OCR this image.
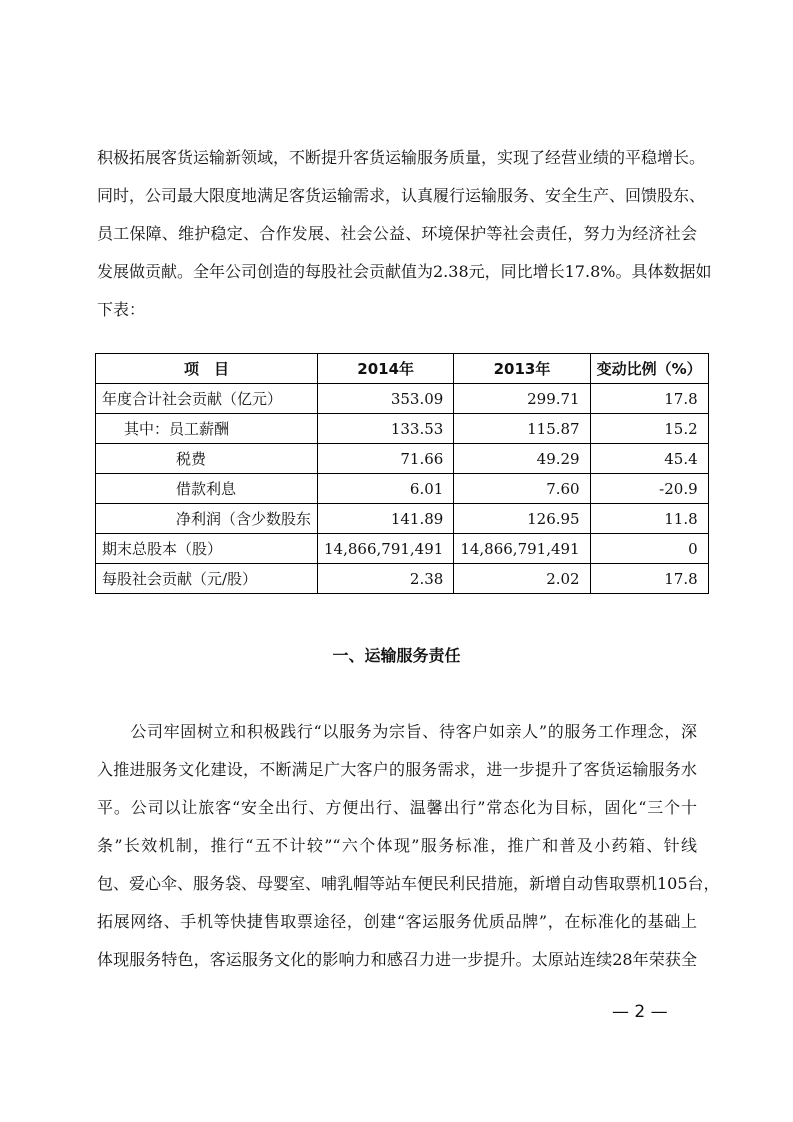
积极拓展客货运输新领域，不断提升客货运输服务质量，实现了经营业绩的平稳增长。
同时，公司最大限度地满足客货运输需求，认真履行运输服务、安全生产、回馈股东、
员工保障、维护稳定、合作发展、社会公益、环境保护等社会责任，努力为经济社会
发展做贡献。全年公司创造的每股社会贡献值为2.38元，同比增长17.8%。具体数据如
下表：
项　目	2014年	2013年	变动比例（%）
年度合计社会贡献（亿元）	353.09	299.71	17.8
其中：员工薪酬	133.53	115.87	15.2
税费	71.66	49.29	45.4
借款利息	6.01	7.60	-20.9
净利润（含少数股东	141.89	126.95	11.8
期末总股本（股）	14,866,791,491	14,866,791,491	0
每股社会贡献（元/股）	2.38	2.02	17.8
一、运输服务责任
　　公司牢固树立和积极践行“以服务为宗旨、待客户如亲人”的服务工作理念，深
入推进服务文化建设，不断满足广大客户的服务需求，进一步提升了客货运输服务水
平。公司以让旅客“安全出行、方便出行、温馨出行”常态化为目标，固化“三个十
条”长效机制，推行“五不计较”“六个体现”服务标准，推广和普及小药箱、针线
包、爱心伞、服务袋、母婴室、哺乳帽等站车便民利民措施，新增自动售取票机105台，
拓展网络、手机等快捷售取票途径，创建“客运服务优质品牌”，在标准化的基础上
体现服务特色，客运服务文化的影响力和感召力进一步提升。太原站连续28年荣获全
— 2 —
